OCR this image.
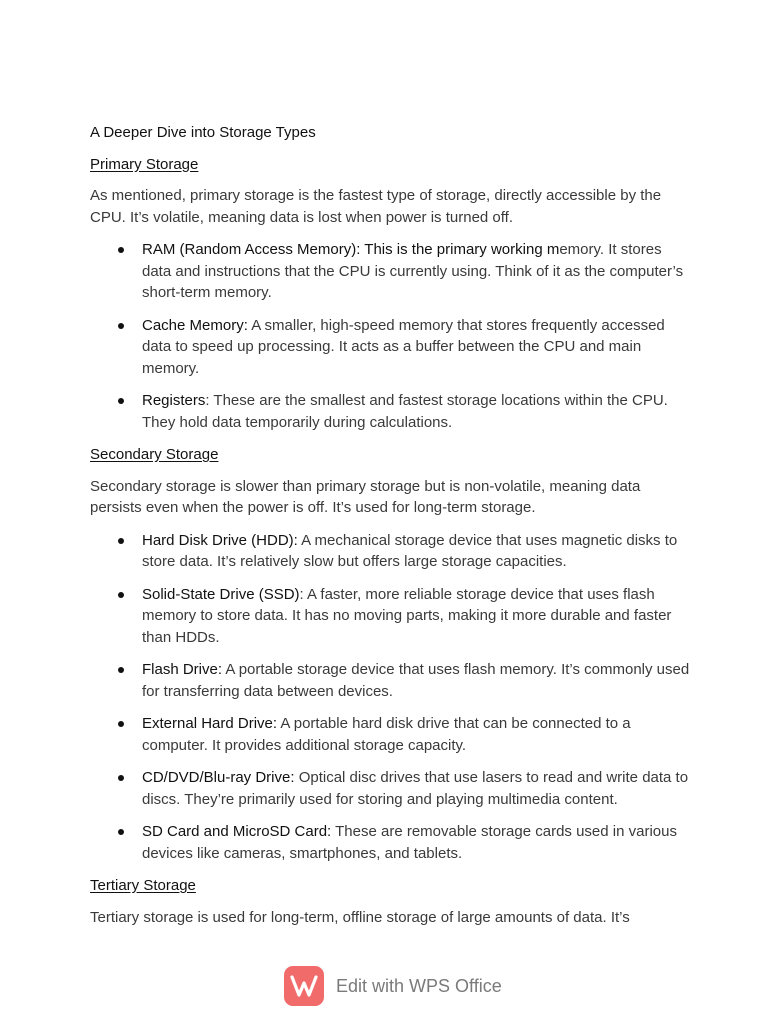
A Deeper Dive into Storage Types
Primary Storage

As mentioned, primary storage is the fastest type of storage, directly accessible by the CPU. It’s volatile, meaning data is lost when power is turned off.

RAM (Random Access Memory): This is the primary working memory. It stores data and instructions that the CPU is currently using. Think of it as the computer’s short-term memory.
Cache Memory: A smaller, high-speed memory that stores frequently accessed data to speed up processing. It acts as a buffer between the CPU and main memory.
Registers: These are the smallest and fastest storage locations within the CPU. They hold data temporarily during calculations.
Secondary Storage

Secondary storage is slower than primary storage but is non-volatile, meaning data persists even when the power is off. It’s used for long-term storage.

Hard Disk Drive (HDD): A mechanical storage device that uses magnetic disks to store data. It’s relatively slow but offers large storage capacities.
Solid-State Drive (SSD): A faster, more reliable storage device that uses flash memory to store data. It has no moving parts, making it more durable and faster than HDDs.
Flash Drive: A portable storage device that uses flash memory. It’s commonly used for transferring data between devices.
External Hard Drive: A portable hard disk drive that can be connected to a computer. It provides additional storage capacity.
CD/DVD/Blu-ray Drive: Optical disc drives that use lasers to read and write data to discs. They’re primarily used for storing and playing multimedia content.
SD Card and MicroSD Card: These are removable storage cards used in various devices like cameras, smartphones, and tablets.
Tertiary Storage

Tertiary storage is used for long-term, offline storage of large amounts of data. It’s

Edit with WPS Office
